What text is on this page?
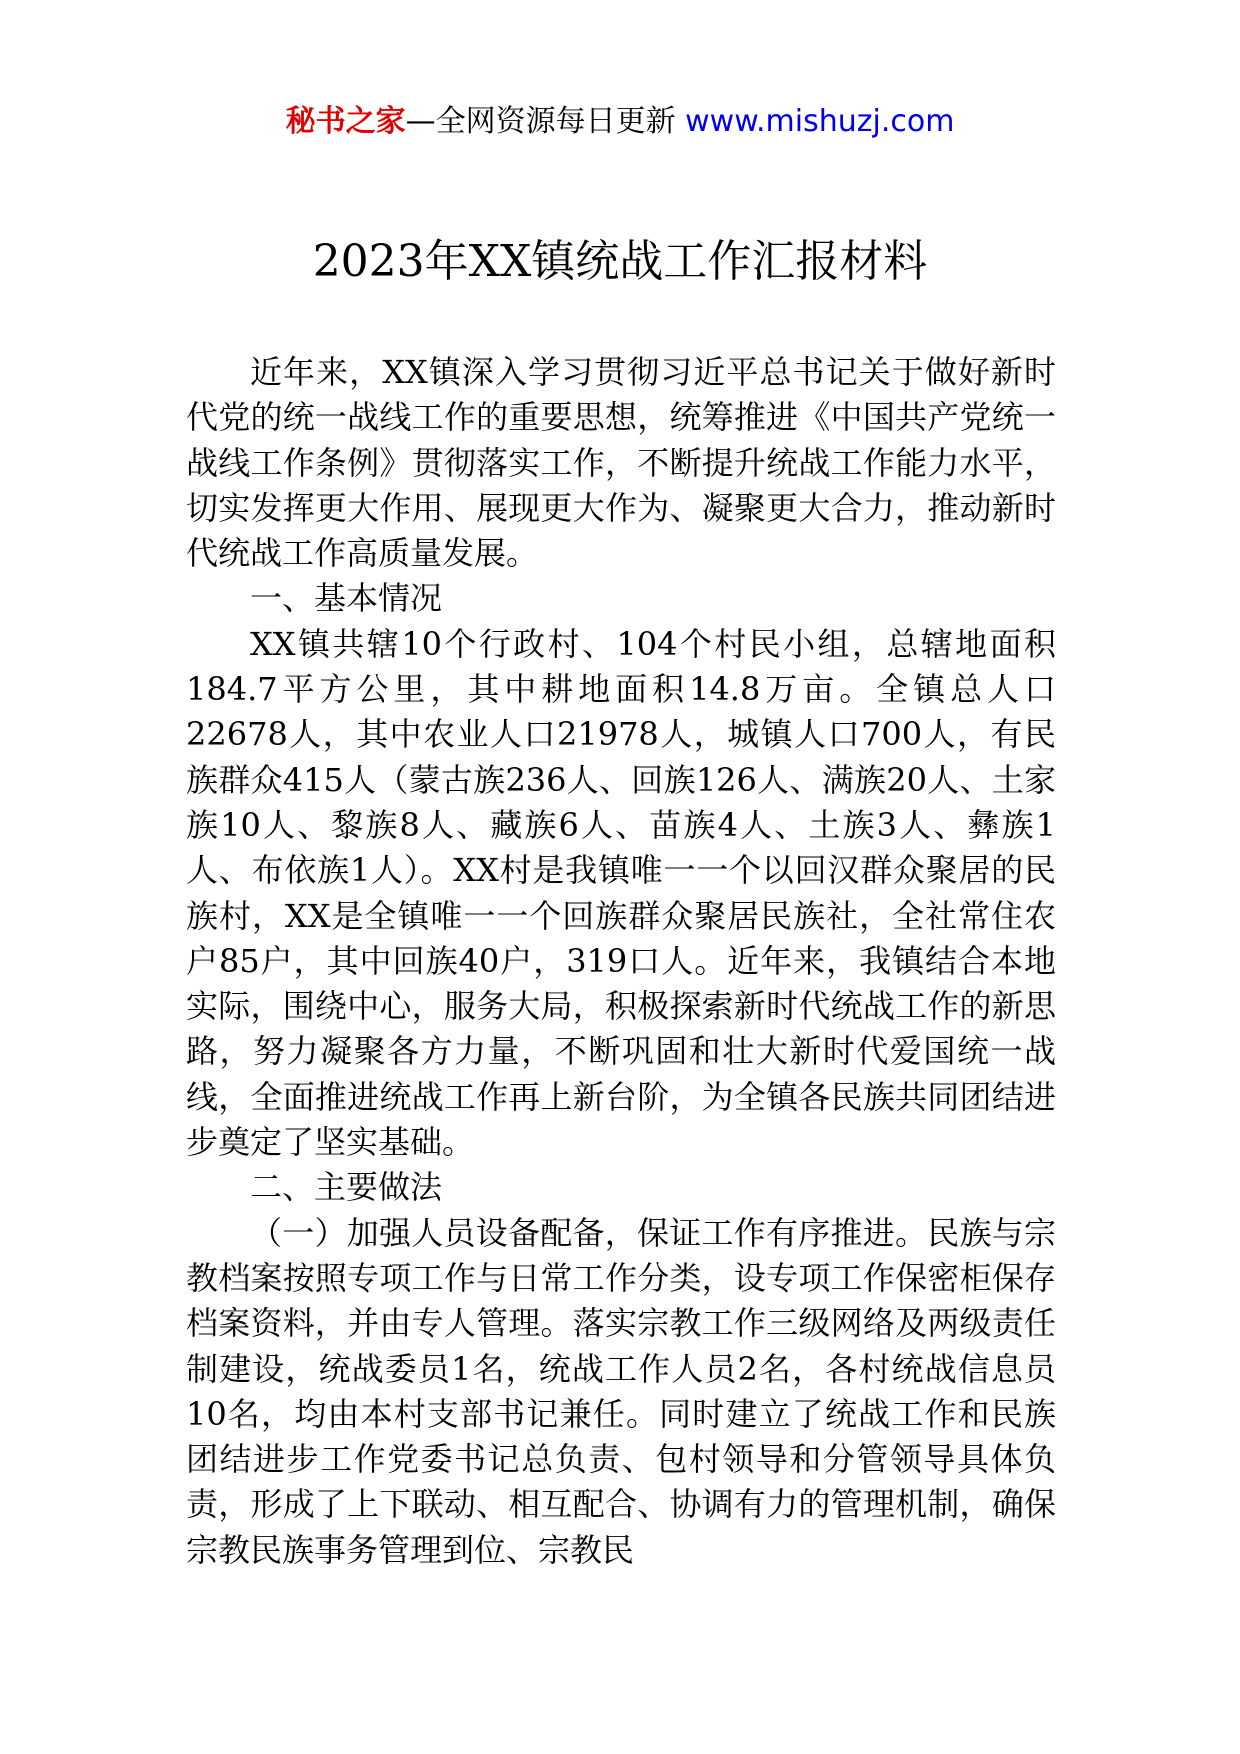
秘书之家—全网资源每日更新 www.mishuzj.com
2023年XX镇统战工作汇报材料

近年来，XX镇深入学习贯彻习近平总书记关于做好新时代党的统一战线工作的重要思想，统筹推进《中国共产党统一战线工作条例》贯彻落实工作，不断提升统战工作能力水平，切实发挥更大作用、展现更大作为、凝聚更大合力，推动新时代统战工作高质量发展。

一、基本情况

XX镇共辖10个行政村、104个村民小组，总辖地面积184.7平方公里，其中耕地面积14.8万亩。全镇总人口22678人，其中农业人口21978人，城镇人口700人，有民族群众415人（蒙古族236人、回族126人、满族20人、土家族10人、黎族8人、藏族6人、苗族4人、土族3人、彝族1人、布依族1人）。XX村是我镇唯一一个以回汉群众聚居的民族村，XX是全镇唯一一个回族群众聚居民族社，全社常住农户85户，其中回族40户，319口人。近年来，我镇结合本地实际，围绕中心，服务大局，积极探索新时代统战工作的新思路，努力凝聚各方力量，不断巩固和壮大新时代爱国统一战线，全面推进统战工作再上新台阶，为全镇各民族共同团结进步奠定了坚实基础。

二、主要做法

（一）加强人员设备配备，保证工作有序推进。民族与宗教档案按照专项工作与日常工作分类，设专项工作保密柜保存档案资料，并由专人管理。落实宗教工作三级网络及两级责任制建设，统战委员1名，统战工作人员2名，各村统战信息员10名，均由本村支部书记兼任。同时建立了统战工作和民族团结进步工作党委书记总负责、包村领导和分管领导具体负责，形成了上下联动、相互配合、协调有力的管理机制，确保宗教民族事务管理到位、宗教民
